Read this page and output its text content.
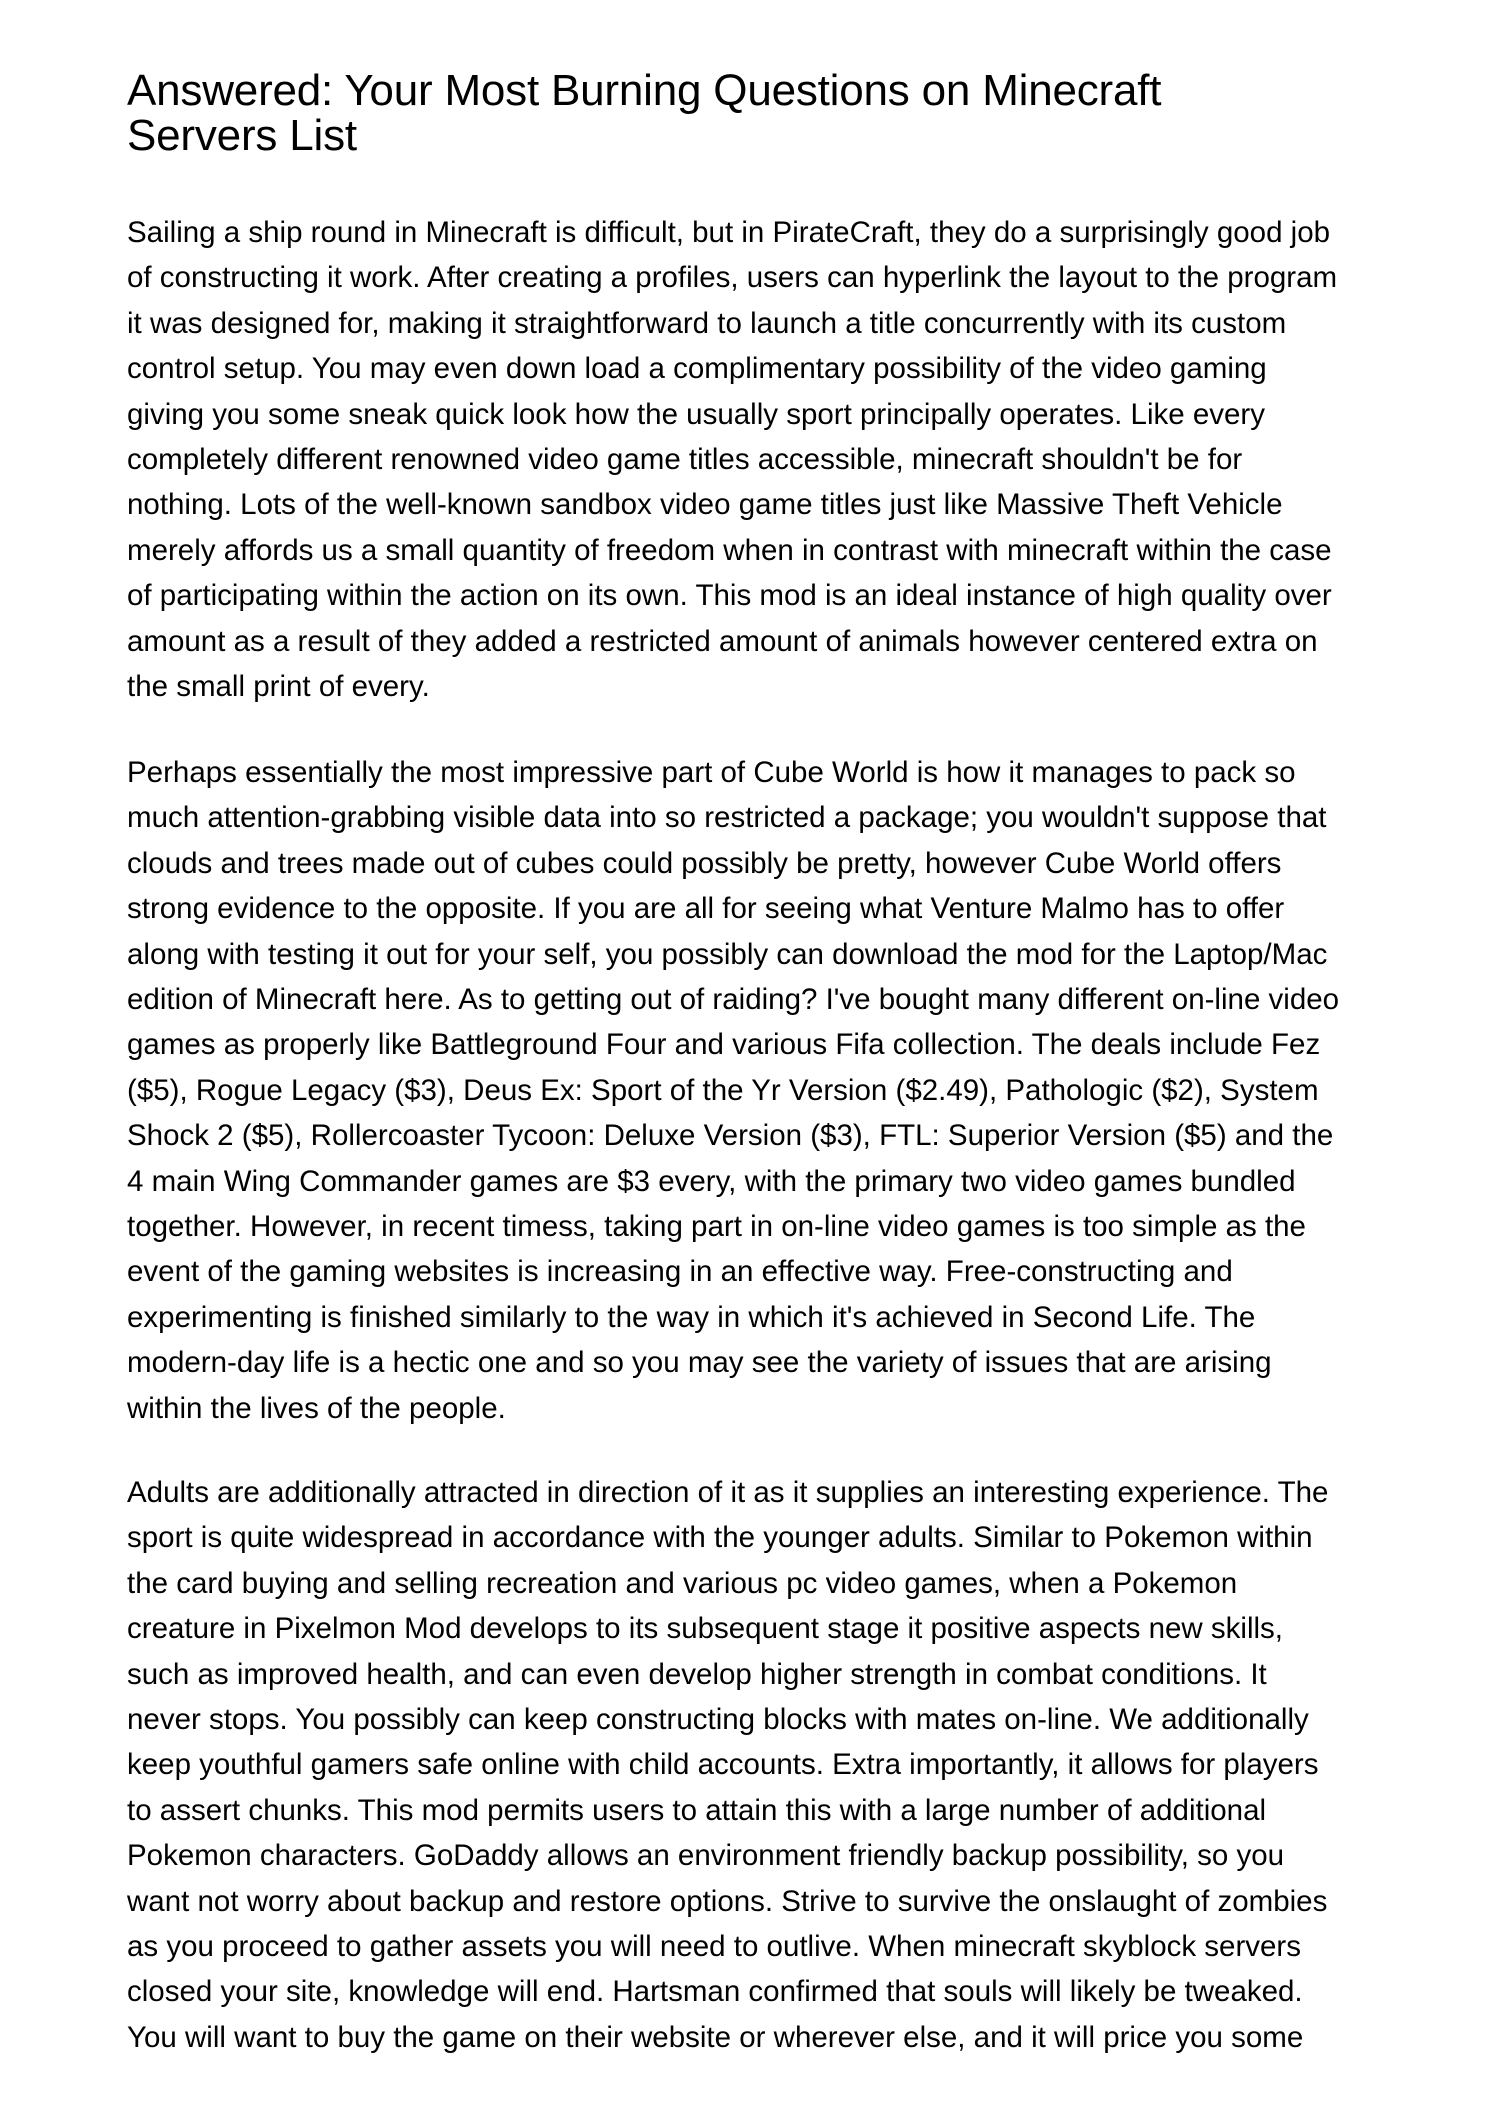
Answered: Your Most Burning Questions on Minecraft
Servers List

Sailing a ship round in Minecraft is difficult, but in PirateCraft, they do a surprisingly good job
of constructing it work. After creating a profiles, users can hyperlink the layout to the program
it was designed for, making it straightforward to launch a title concurrently with its custom
control setup. You may even down load a complimentary possibility of the video gaming
giving you some sneak quick look how the usually sport principally operates. Like every
completely different renowned video game titles accessible, minecraft shouldn't be for
nothing. Lots of the well-known sandbox video game titles just like Massive Theft Vehicle
merely affords us a small quantity of freedom when in contrast with minecraft within the case
of participating within the action on its own. This mod is an ideal instance of high quality over
amount as a result of they added a restricted amount of animals however centered extra on
the small print of every.

Perhaps essentially the most impressive part of Cube World is how it manages to pack so
much attention-grabbing visible data into so restricted a package; you wouldn't suppose that
clouds and trees made out of cubes could possibly be pretty, however Cube World offers
strong evidence to the opposite. If you are all for seeing what Venture Malmo has to offer
along with testing it out for your self, you possibly can download the mod for the Laptop/Mac
edition of Minecraft here. As to getting out of raiding? I've bought many different on-line video
games as properly like Battleground Four and various Fifa collection. The deals include Fez
($5), Rogue Legacy ($3), Deus Ex: Sport of the Yr Version ($2.49), Pathologic ($2), System
Shock 2 ($5), Rollercoaster Tycoon: Deluxe Version ($3), FTL: Superior Version ($5) and the
4 main Wing Commander games are $3 every, with the primary two video games bundled
together. However, in recent timess, taking part in on-line video games is too simple as the
event of the gaming websites is increasing in an effective way. Free-constructing and
experimenting is finished similarly to the way in which it's achieved in Second Life. The
modern-day life is a hectic one and so you may see the variety of issues that are arising
within the lives of the people.

Adults are additionally attracted in direction of it as it supplies an interesting experience. The
sport is quite widespread in accordance with the younger adults. Similar to Pokemon within
the card buying and selling recreation and various pc video games, when a Pokemon
creature in Pixelmon Mod develops to its subsequent stage it positive aspects new skills,
such as improved health, and can even develop higher strength in combat conditions. It
never stops. You possibly can keep constructing blocks with mates on-line. We additionally
keep youthful gamers safe online with child accounts. Extra importantly, it allows for players
to assert chunks. This mod permits users to attain this with a large number of additional
Pokemon characters. GoDaddy allows an environment friendly backup possibility, so you
want not worry about backup and restore options. Strive to survive the onslaught of zombies
as you proceed to gather assets you will need to outlive. When minecraft skyblock servers
closed your site, knowledge will end. Hartsman confirmed that souls will likely be tweaked.
You will want to buy the game on their website or wherever else, and it will price you some
